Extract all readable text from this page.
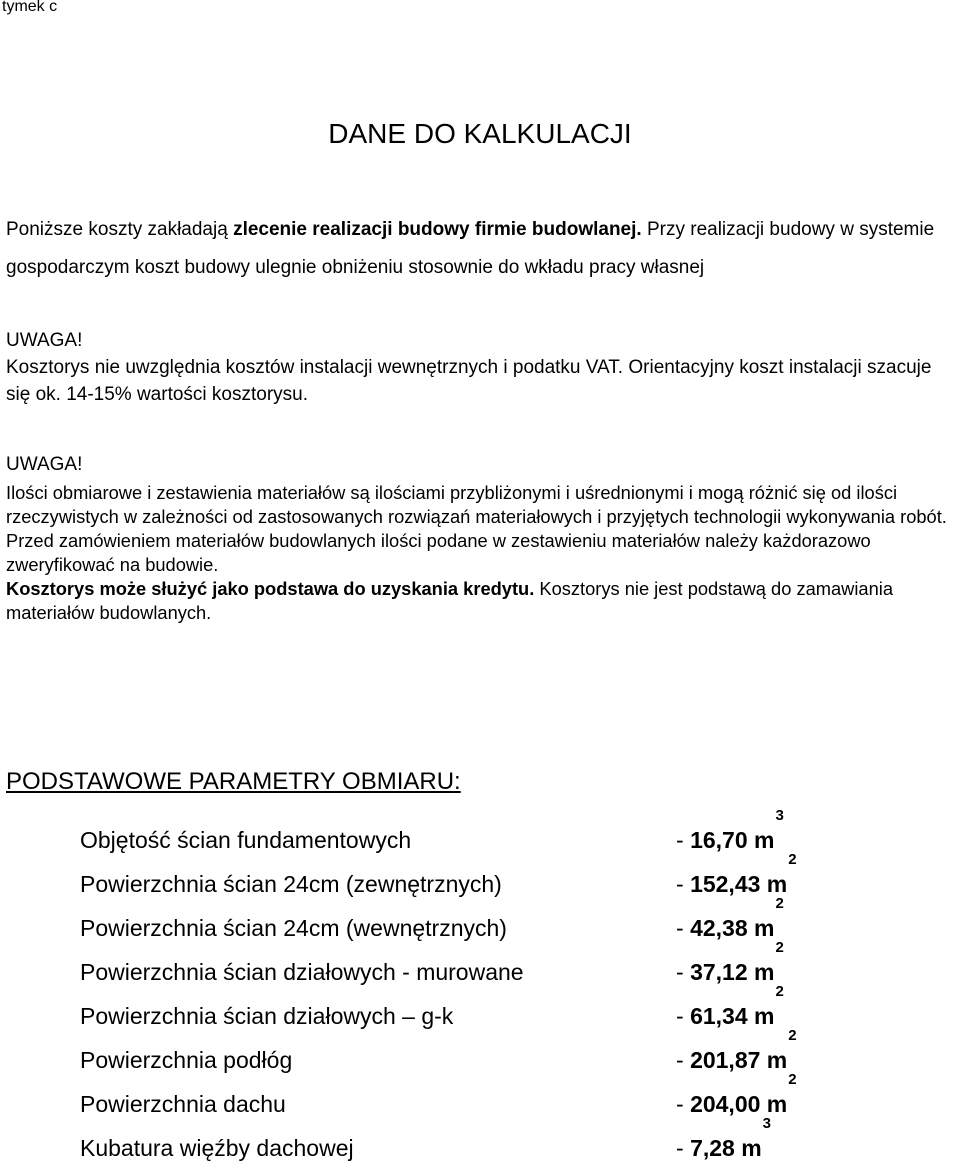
tymek c
DANE DO KALKULACJI
Poniższe koszty zakładają zlecenie realizacji budowy firmie budowlanej. Przy realizacji budowy w systemie gospodarczym koszt budowy ulegnie obniżeniu stosownie do wkładu pracy własnej
UWAGA!
Kosztorys nie uwzględnia kosztów instalacji wewnętrznych i podatku VAT. Orientacyjny koszt instalacji szacuje się ok. 14-15% wartości kosztorysu.
UWAGA!
Ilości obmiarowe i zestawienia materiałów są ilościami przybliżonymi i uśrednionymi i mogą różnić się od ilości rzeczywistych w zależności od zastosowanych rozwiązań materiałowych i przyjętych technologii wykonywania robót. Przed zamówieniem materiałów budowlanych ilości podane w zestawieniu materiałów należy każdorazowo zweryfikować na budowie.
Kosztorys może służyć jako podstawa do uzyskania kredytu. Kosztorys nie jest podstawą do zamawiania materiałów budowlanych.
PODSTAWOWE PARAMETRY OBMIARU:
Objętość ścian fundamentowych	- 16,70 $m^3$
Powierzchnia ścian 24cm (zewnętrznych)	- 152,43 $m^2$
Powierzchnia ścian 24cm (wewnętrznych)	- 42,38 $m^2$
Powierzchnia ścian działowych - murowane	- 37,12 $m^2$
Powierzchnia ścian działowych – g-k	- 61,34 $m^2$
Powierzchnia podłóg	- 201,87 $m^2$
Powierzchnia dachu	- 204,00 $m^2$
Kubatura więźby dachowej	- 7,28 $m^3$
